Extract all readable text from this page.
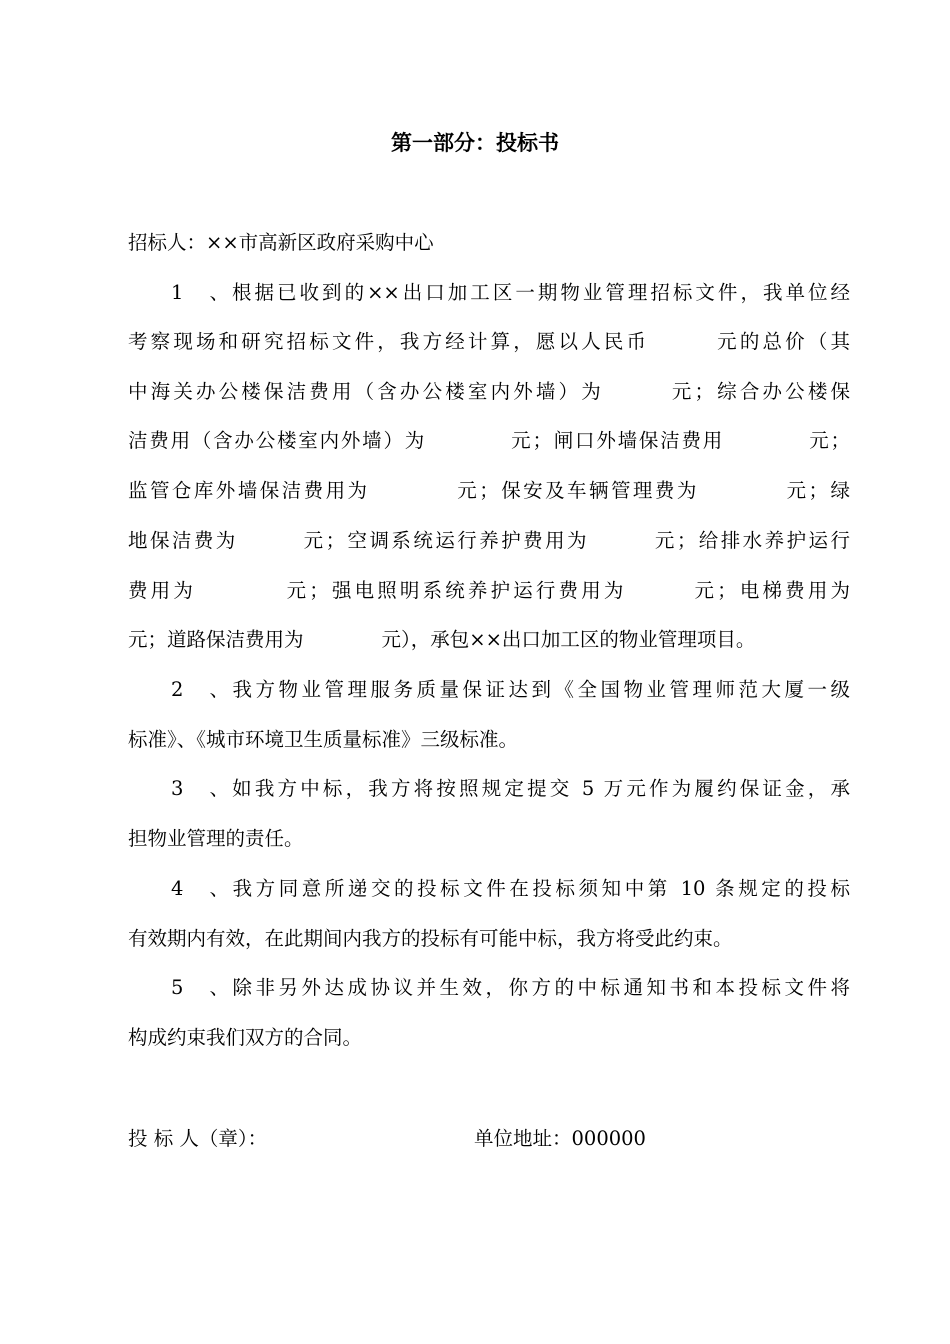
第一部分：投标书
招标人：××市高新区政府采购中心
1、根据已收到的××出口加工区一期物业管理招标文件，我单位经
考察现场和研究招标文件，我方经计算，愿以人民币　　　元的总价（其
中海关办公楼保洁费用（含办公楼室内外墙）为　　　元；综合办公楼保
洁费用（含办公楼室内外墙）为　　　　元；闸口外墙保洁费用　　　　元；
监管仓库外墙保洁费用为　　　　元；保安及车辆管理费为　　　　元；绿
地保洁费为　　　元；空调系统运行养护费用为　　　元；给排水养护运行
费用为　　　　元；强电照明系统养护运行费用为　　　元；电梯费用为
元；道路保洁费用为　　　　元），承包××出口加工区的物业管理项目。
2、我方物业管理服务质量保证达到《全国物业管理师范大厦一级
标准》、《城市环境卫生质量标准》三级标准。
3、如我方中标，我方将按照规定提交 5 万元作为履约保证金，承
担物业管理的责任。
4、我方同意所递交的投标文件在投标须知中第 10 条规定的投标
有效期内有效，在此期间内我方的投标有可能中标，我方将受此约束。
5、除非另外达成协议并生效，你方的中标通知书和本投标文件将
构成约束我们双方的合同。
投 标 人（章）：	单位地址：000000
